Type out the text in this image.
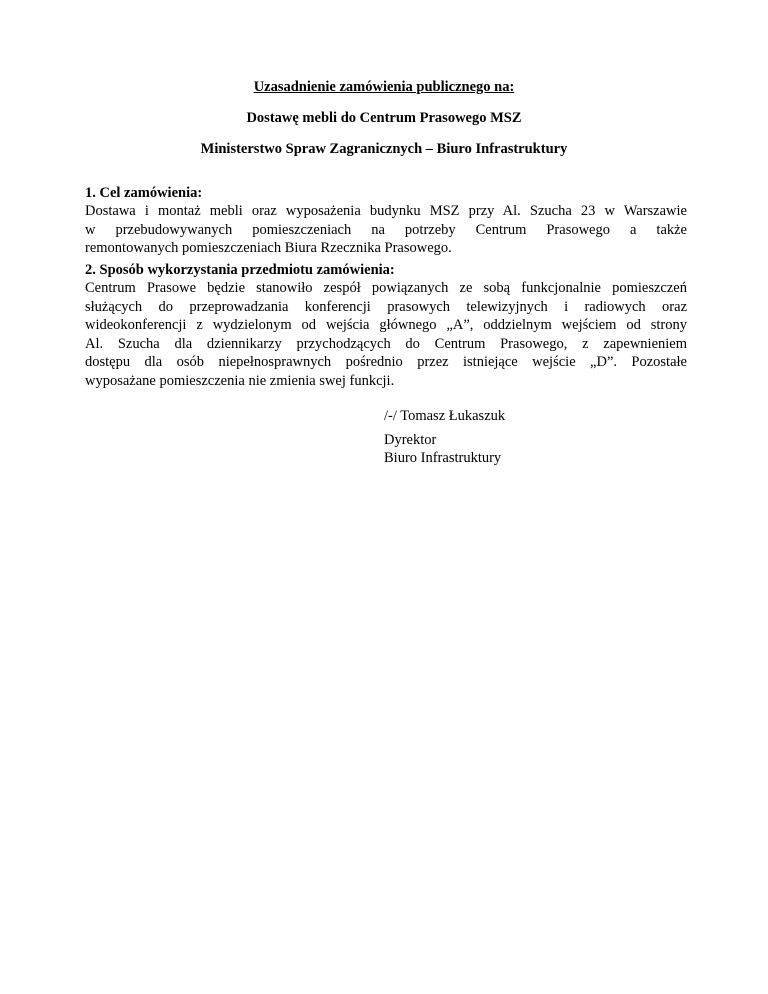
Uzasadnienie zamówienia publicznego na:
Dostawę mebli do Centrum Prasowego MSZ
Ministerstwo Spraw Zagranicznych – Biuro Infrastruktury
1. Cel zamówienia:
Dostawa i montaż mebli oraz wyposażenia budynku MSZ przy Al. Szucha 23 w Warszawie
w przebudowywanych pomieszczeniach na potrzeby Centrum Prasowego a także
remontowanych pomieszczeniach Biura Rzecznika Prasowego.
2. Sposób wykorzystania przedmiotu zamówienia:
Centrum Prasowe będzie stanowiło zespół powiązanych ze sobą funkcjonalnie pomieszczeń
służących do przeprowadzania konferencji prasowych telewizyjnych i radiowych oraz
wideokonferencji z wydzielonym od wejścia głównego „A”, oddzielnym wejściem od strony
Al. Szucha dla dziennikarzy przychodzących do Centrum Prasowego, z zapewnieniem
dostępu dla osób niepełnosprawnych pośrednio przez istniejące wejście „D”. Pozostałe
wyposażane pomieszczenia nie zmienia swej funkcji.
/-/ Tomasz Łukaszuk
Dyrektor
Biuro Infrastruktury
